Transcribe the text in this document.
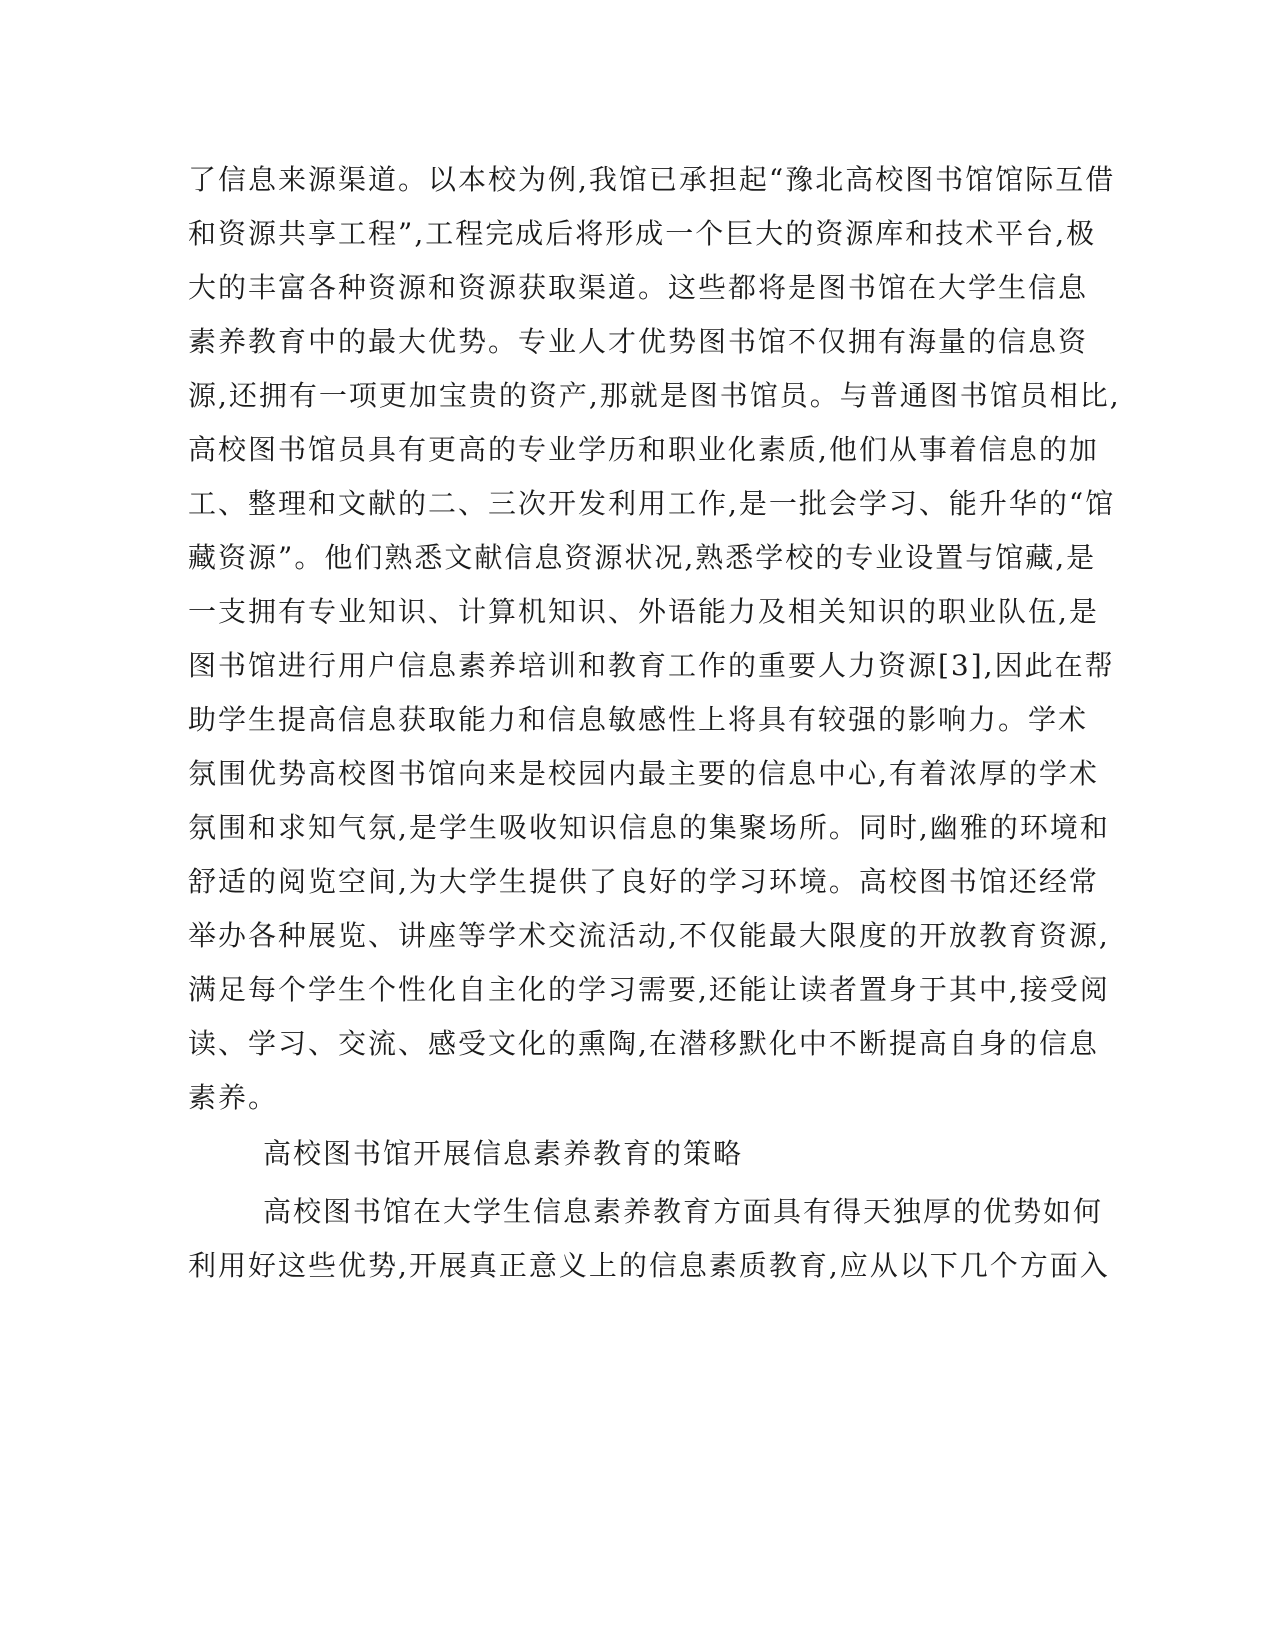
了信息来源渠道。以本校为例,我馆已承担起“豫北高校图书馆馆际互借
和资源共享工程”,工程完成后将形成一个巨大的资源库和技术平台,极
大的丰富各种资源和资源获取渠道。这些都将是图书馆在大学生信息
素养教育中的最大优势。专业人才优势图书馆不仅拥有海量的信息资
源,还拥有一项更加宝贵的资产,那就是图书馆员。与普通图书馆员相比,
高校图书馆员具有更高的专业学历和职业化素质,他们从事着信息的加
工、整理和文献的二、三次开发利用工作,是一批会学习、能升华的“馆
藏资源”。他们熟悉文献信息资源状况,熟悉学校的专业设置与馆藏,是
一支拥有专业知识、计算机知识、外语能力及相关知识的职业队伍,是
图书馆进行用户信息素养培训和教育工作的重要人力资源[3],因此在帮
助学生提高信息获取能力和信息敏感性上将具有较强的影响力。学术
氛围优势高校图书馆向来是校园内最主要的信息中心,有着浓厚的学术
氛围和求知气氛,是学生吸收知识信息的集聚场所。同时,幽雅的环境和
舒适的阅览空间,为大学生提供了良好的学习环境。高校图书馆还经常
举办各种展览、讲座等学术交流活动,不仅能最大限度的开放教育资源,
满足每个学生个性化自主化的学习需要,还能让读者置身于其中,接受阅
读、学习、交流、感受文化的熏陶,在潜移默化中不断提高自身的信息
素养。
高校图书馆开展信息素养教育的策略
高校图书馆在大学生信息素养教育方面具有得天独厚的优势如何
利用好这些优势,开展真正意义上的信息素质教育,应从以下几个方面入
